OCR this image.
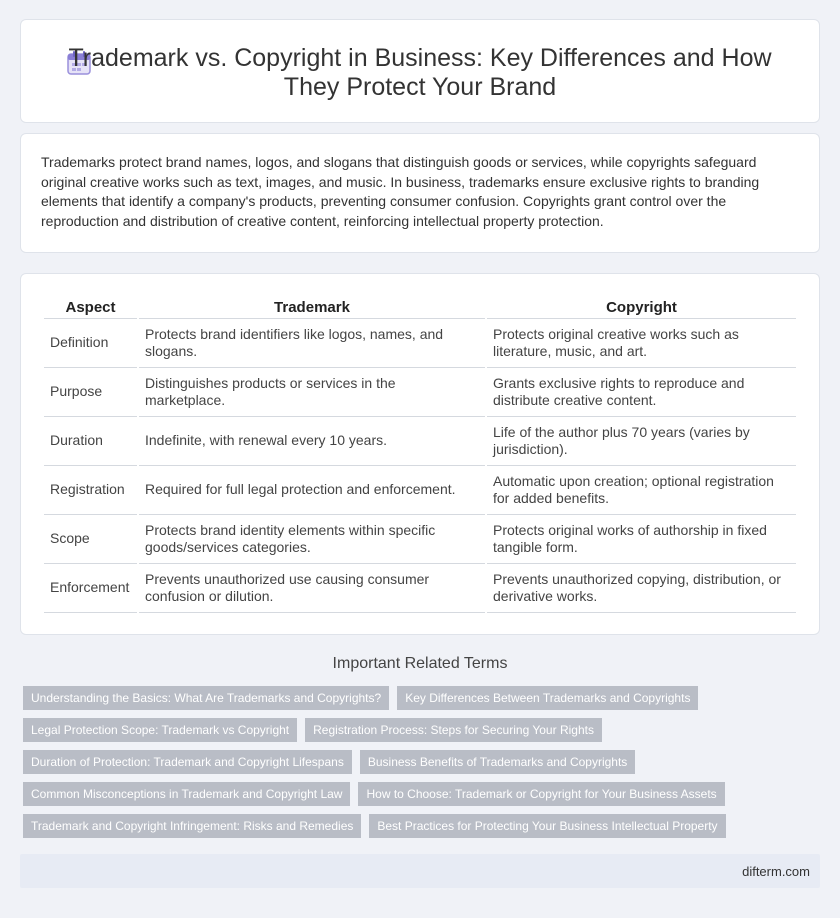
Trademark vs. Copyright in Business: Key Differences and How They Protect Your Brand

Trademarks protect brand names, logos, and slogans that distinguish goods or services, while copyrights safeguard original creative works such as text, images, and music. In business, trademarks ensure exclusive rights to branding elements that identify a company's products, preventing consumer confusion. Copyrights grant control over the reproduction and distribution of creative content, reinforcing intellectual property protection.

Aspect	Trademark	Copyright
Definition	Protects brand identifiers like logos, names, and slogans.	Protects original creative works such as literature, music, and art.
Purpose	Distinguishes products or services in the marketplace.	Grants exclusive rights to reproduce and distribute creative content.
Duration	Indefinite, with renewal every 10 years.	Life of the author plus 70 years (varies by jurisdiction).
Registration	Required for full legal protection and enforcement.	Automatic upon creation; optional registration for added benefits.
Scope	Protects brand identity elements within specific goods/services categories.	Protects original works of authorship in fixed tangible form.
Enforcement	Prevents unauthorized use causing consumer confusion or dilution.	Prevents unauthorized copying, distribution, or derivative works.
Important Related Terms
Understanding the Basics: What Are Trademarks and Copyrights?	Key Differences Between Trademarks and Copyrights
Legal Protection Scope: Trademark vs Copyright	Registration Process: Steps for Securing Your Rights
Duration of Protection: Trademark and Copyright Lifespans	Business Benefits of Trademarks and Copyrights
Common Misconceptions in Trademark and Copyright Law	How to Choose: Trademark or Copyright for Your Business Assets
Trademark and Copyright Infringement: Risks and Remedies	Best Practices for Protecting Your Business Intellectual Property
difterm.com
